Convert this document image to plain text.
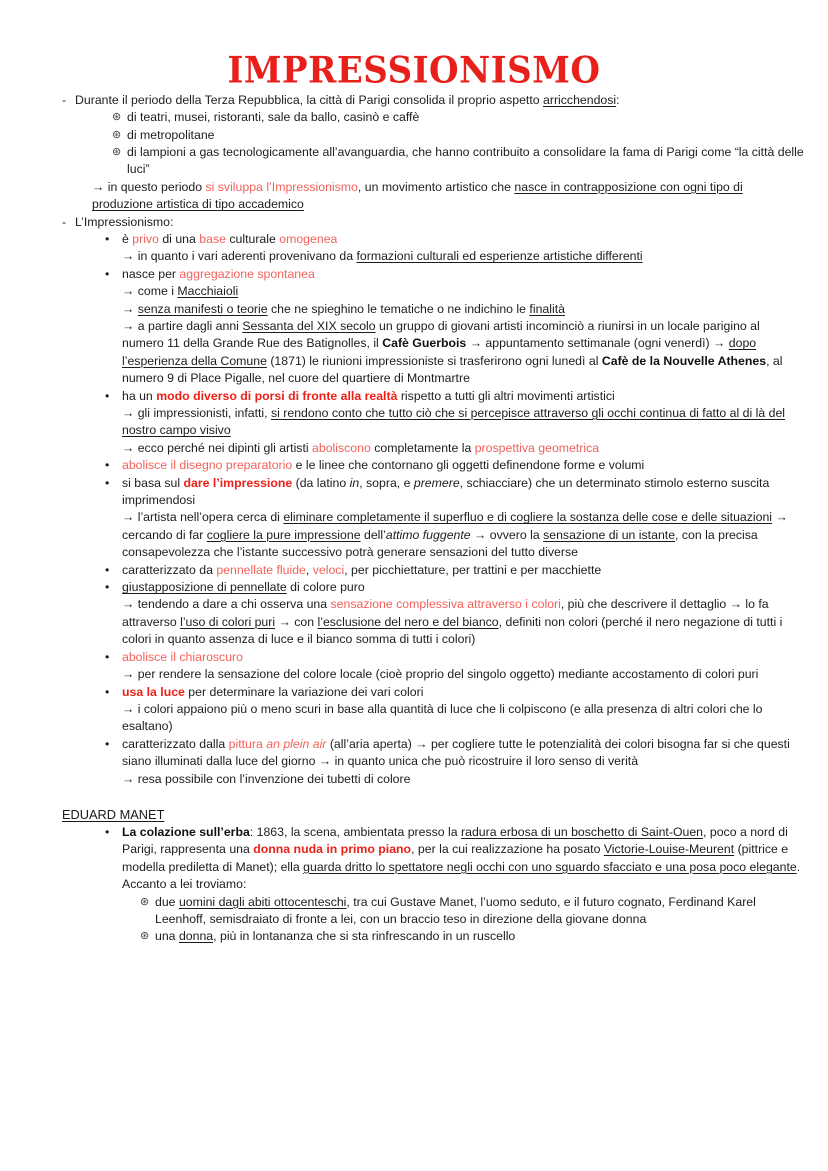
IMPRESSIONISMO
- Durante il periodo della Terza Repubblica, la città di Parigi consolida il proprio aspetto arricchendosi:
⊛ di teatri, musei, ristoranti, sale da ballo, casinò e caffè
⊛ di metropolitane
⊛ di lampioni a gas tecnologicamente all’avanguardia, che hanno contribuito a consolidare la fama di Parigi come “la città delle luci”
→ in questo periodo si sviluppa l’Impressionismo, un movimento artistico che nasce in contrapposizione con ogni tipo di produzione artistica di tipo accademico
- L’Impressionismo:
•	è privo di una base culturale omogenea
→ in quanto i vari aderenti provenivano da formazioni culturali ed esperienze artistiche differenti
•	nasce per aggregazione spontanea
→ come i Macchiaioli
→ senza manifesti o teorie che ne spieghino le tematiche o ne indichino le finalità
→ a partire dagli anni Sessanta del XIX secolo un gruppo di giovani artisti incominciò a riunirsi in un locale parigino al numero 11 della Grande Rue des Batignolles, il Cafè Guerbois → appuntamento settimanale (ogni venerdì) → dopo l’esperienza della Comune (1871) le riunioni impressioniste si trasferirono ogni lunedì al Cafè de la Nouvelle Athenes, al numero 9 di Place Pigalle, nel cuore del quartiere di Montmartre
•	ha un modo diverso di porsi di fronte alla realtà rispetto a tutti gli altri movimenti artistici
→ gli impressionisti, infatti, si rendono conto che tutto ciò che si percepisce attraverso gli occhi continua di fatto al di là del nostro campo visivo
→ ecco perché nei dipinti gli artisti aboliscono completamente la prospettiva geometrica
•	abolisce il disegno preparatorio e le linee che contornano gli oggetti definendone forme e volumi
•	si basa sul dare l’impressione (da latino in, sopra, e premere, schiacciare) che un determinato stimolo esterno suscita imprimendosi
→ l’artista nell’opera cerca di eliminare completamente il superfluo e di cogliere la sostanza delle cose e delle situazioni → cercando di far cogliere la pure impressione dell’attimo fuggente → ovvero la sensazione di un istante, con la precisa consapevolezza che l’istante successivo potrà generare sensazioni del tutto diverse
•	caratterizzato da pennellate fluide, veloci, per picchiettature, per trattini e per macchiette
•	giustapposizione di pennellate di colore puro
→ tendendo a dare a chi osserva una sensazione complessiva attraverso i colori, più che descrivere il dettaglio → lo fa attraverso l’uso di colori puri → con l’esclusione del nero e del bianco, definiti non colori (perché il nero negazione di tutti i colori in quanto assenza di luce e il bianco somma di tutti i colori)
•	abolisce il chiaroscuro
→ per rendere la sensazione del colore locale (cioè proprio del singolo oggetto) mediante accostamento di colori puri
•	usa la luce per determinare la variazione dei vari colori
→ i colori appaiono più o meno scuri in base alla quantità di luce che li colpiscono (e alla presenza di altri colori che lo esaltano)
•	caratterizzato dalla pittura an plein air (all’aria aperta) → per cogliere tutte le potenzialità dei colori bisogna far si che questi siano illuminati dalla luce del giorno → in quanto unica che può ricostruire il loro senso di verità
→ resa possibile con l’invenzione dei tubetti di colore
EDUARD MANET
•	La colazione sull’erba: 1863, la scena, ambientata presso la radura erbosa di un boschetto di Saint-Ouen, poco a nord di Parigi, rappresenta una donna nuda in primo piano, per la cui realizzazione ha posato Victorie-Louise-Meurent (pittrice e modella prediletta di Manet); ella guarda dritto lo spettatore negli occhi con uno sguardo sfacciato e una posa poco elegante. Accanto a lei troviamo:
⊛ due uomini dagli abiti ottocenteschi, tra cui Gustave Manet, l’uomo seduto, e il futuro cognato, Ferdinand Karel Leenhoff, semisdraiato di fronte a lei, con un braccio teso in direzione della giovane donna
⊛ una donna, più in lontananza che si sta rinfrescando in un ruscello
